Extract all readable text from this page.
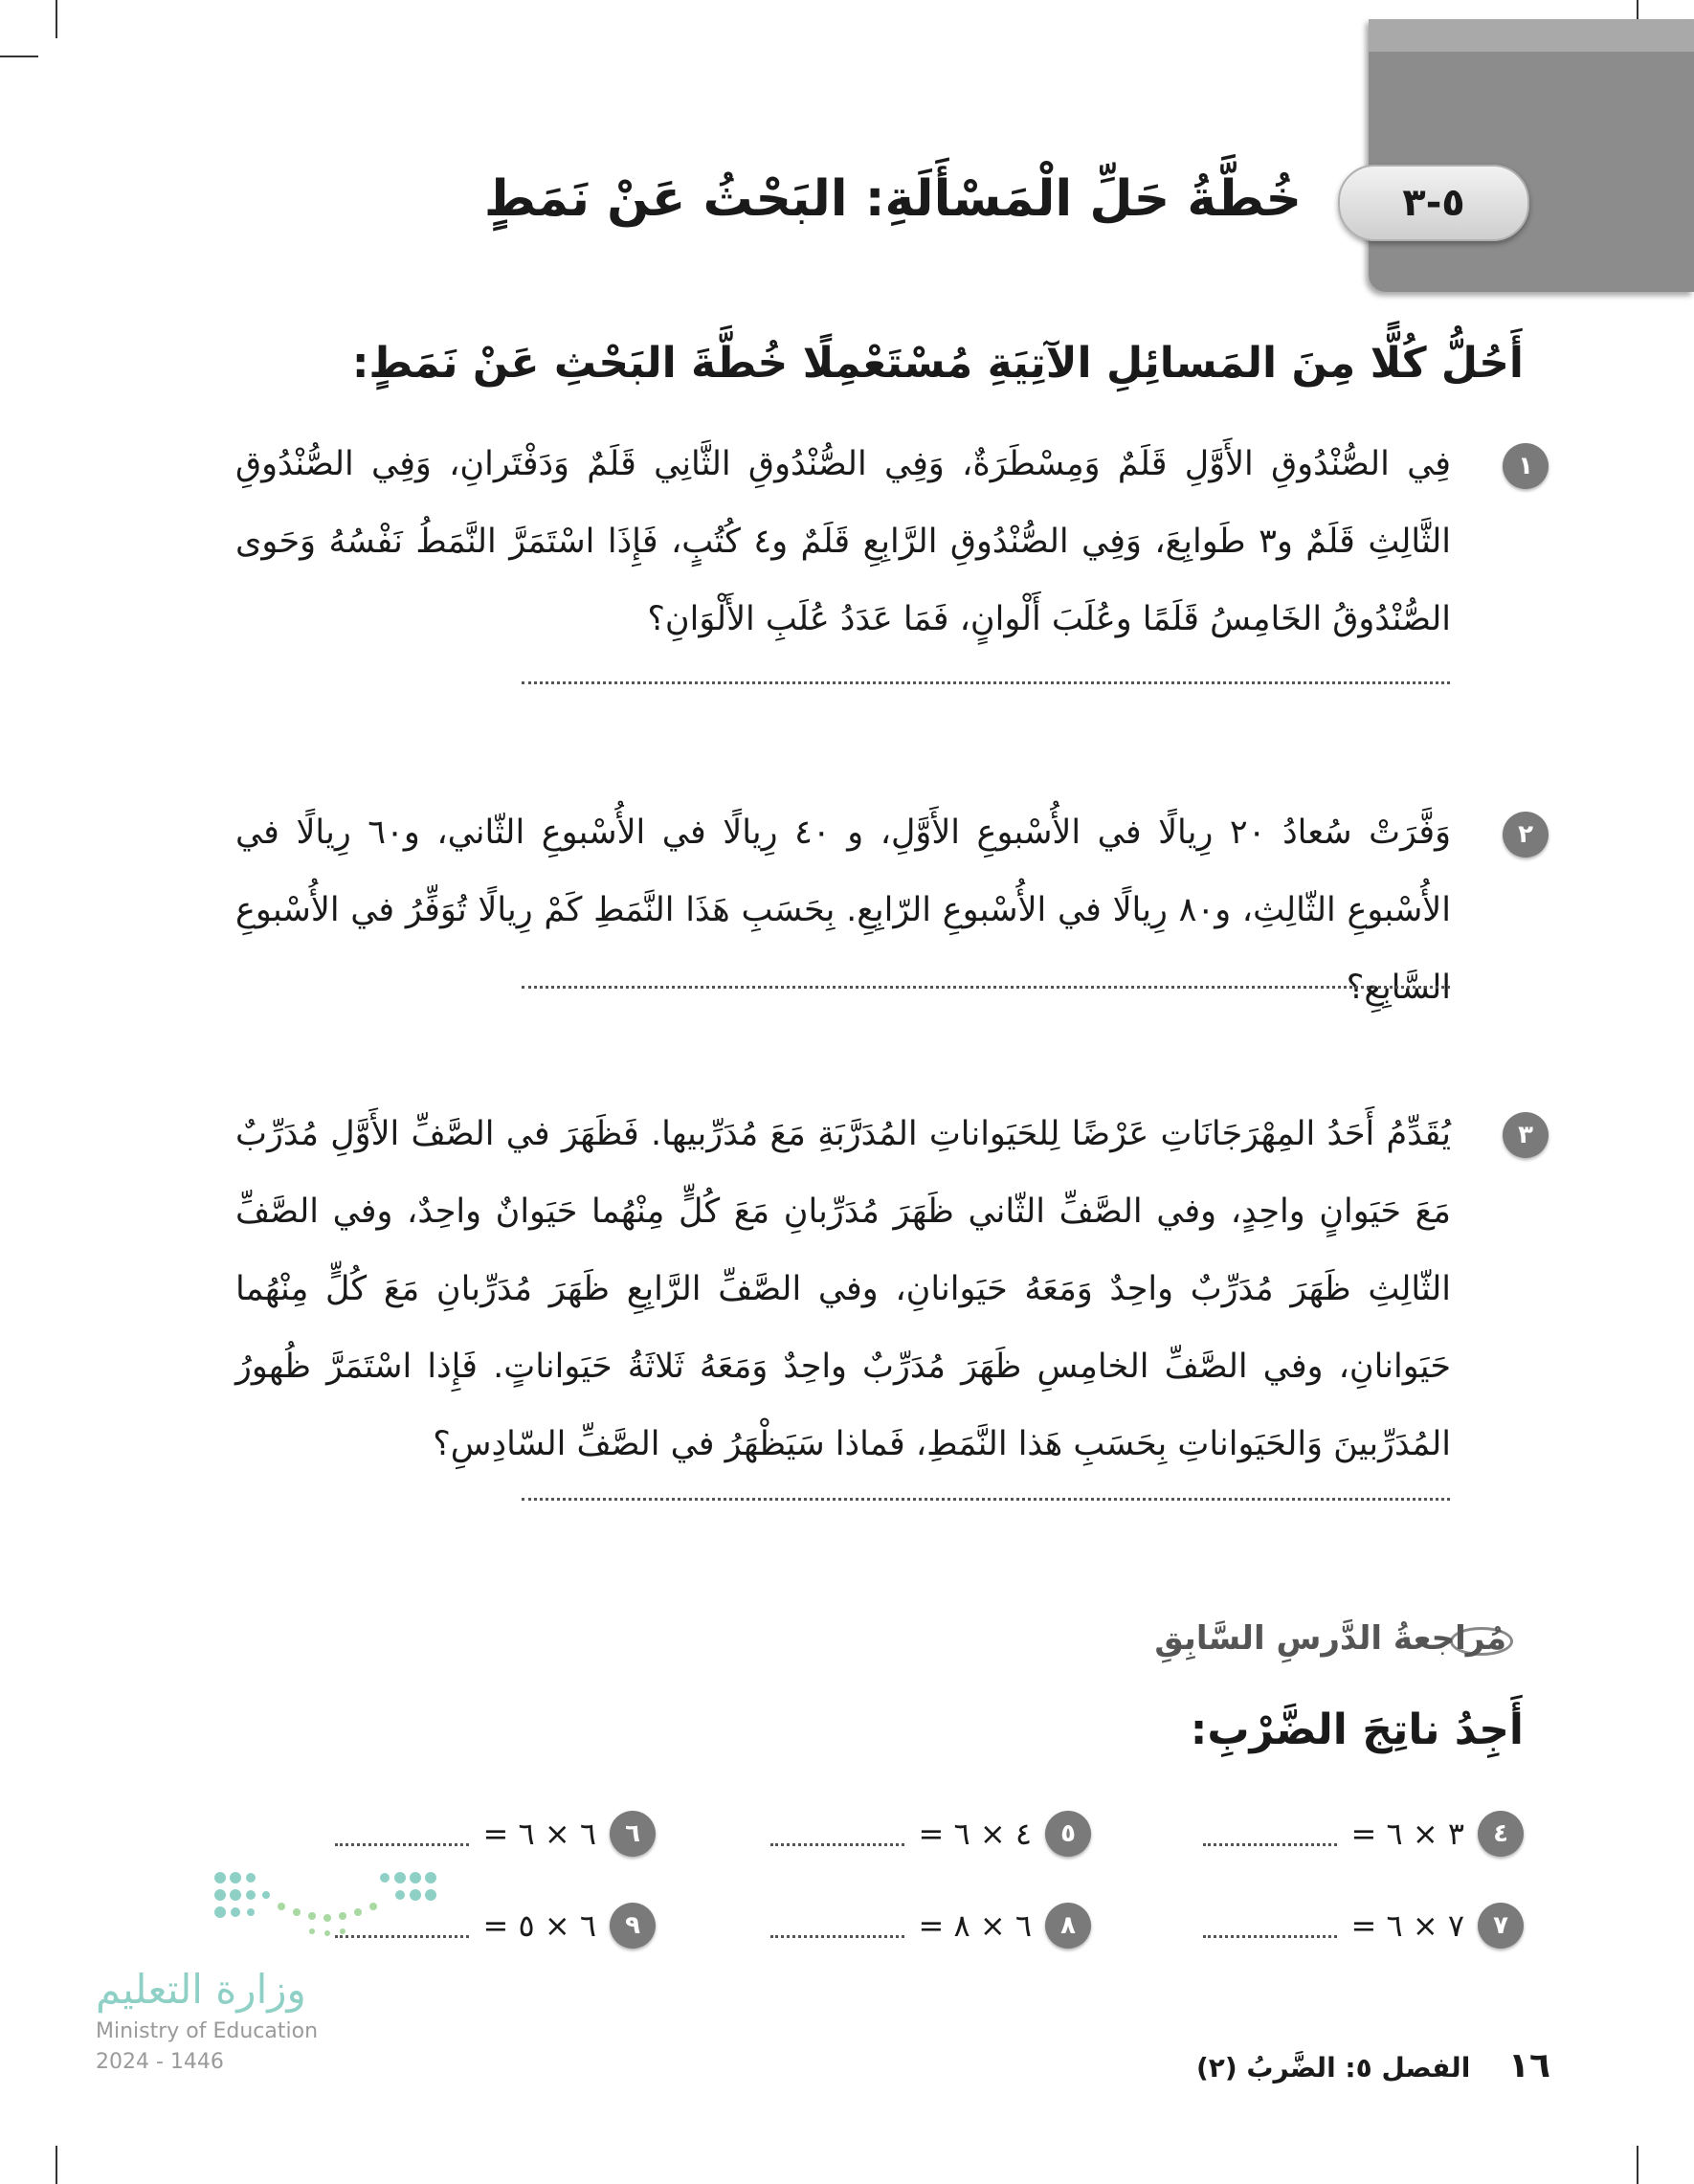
٥-٣
خُطَّةُ حَلِّ الْمَسْأَلَةِ: البَحْثُ عَنْ نَمَطٍ
أَحُلُّ كُلًّا مِنَ المَسائِلِ الآتِيَةِ مُسْتَعْمِلًا خُطَّةَ البَحْثِ عَنْ نَمَطٍ:
١
فِي الصُّنْدُوقِ الأَوَّلِ قَلَمٌ وَمِسْطَرَةٌ، وَفِي الصُّنْدُوقِ الثَّانِي قَلَمٌ وَدَفْتَرانِ، وَفِي الصُّنْدُوقِ الثَّالِثِ قَلَمٌ و٣ طَوابِعَ، وَفِي الصُّنْدُوقِ الرَّابِعِ قَلَمٌ و٤ كُتُبٍ، فَإِذَا اسْتَمَرَّ النَّمَطُ نَفْسُهُ وَحَوى الصُّنْدُوقُ الخَامِسُ قَلَمًا وعُلَبَ أَلْوانٍ، فَمَا عَدَدُ عُلَبِ الأَلْوَانِ؟
٢
وَفَّرَتْ سُعادُ ٢٠ رِيالًا في الأُسْبوعِ الأَوَّلِ، و ٤٠ رِيالًا في الأُسْبوعِ الثّاني، و٦٠ رِيالًا في الأُسْبوعِ الثّالِثِ، و٨٠ رِيالًا في الأُسْبوعِ الرّابِعِ. بِحَسَبِ هَذَا النَّمَطِ كَمْ رِيالًا تُوَفِّرُ في الأُسْبوعِ السَّابِعِ؟
٣
يُقَدِّمُ أَحَدُ المِهْرَجَانَاتِ عَرْضًا لِلحَيَواناتِ المُدَرَّبَةِ مَعَ مُدَرِّبيها. فَظَهَرَ في الصَّفِّ الأَوَّلِ مُدَرِّبٌ مَعَ حَيَوانٍ واحِدٍ، وفي الصَّفِّ الثّاني ظَهَرَ مُدَرِّبانِ مَعَ كُلٍّ مِنْهُما حَيَوانٌ واحِدٌ، وفي الصَّفِّ الثّالِثِ ظَهَرَ مُدَرِّبٌ واحِدٌ وَمَعَهُ حَيَوانانِ، وفي الصَّفِّ الرَّابِعِ ظَهَرَ مُدَرِّبانِ مَعَ كُلٍّ مِنْهُما حَيَوانانِ، وفي الصَّفِّ الخامِسِ ظَهَرَ مُدَرِّبٌ واحِدٌ وَمَعَهُ ثَلاثَةُ حَيَواناتٍ. فَإِذا اسْتَمَرَّ ظُهورُ المُدَرِّبينَ وَالحَيَواناتِ بِحَسَبِ هَذا النَّمَطِ، فَماذا سَيَظْهَرُ في الصَّفِّ السّادِسِ؟
مُراجعةُ الدَّرسِ السَّابِقِ
أَجِدُ ناتِجَ الضَّرْبِ:
٤
٣ × ٦ =
٥
٤ × ٦ =
٦
٦ × ٦ =
٧
٧ × ٦ =
٨
٦ × ٨ =
٩
٦ × ٥ =
وزارة التعليم
Ministry of Education
2024 - 1446	١٦ الفصل ٥: الضَّربُ (٢)
